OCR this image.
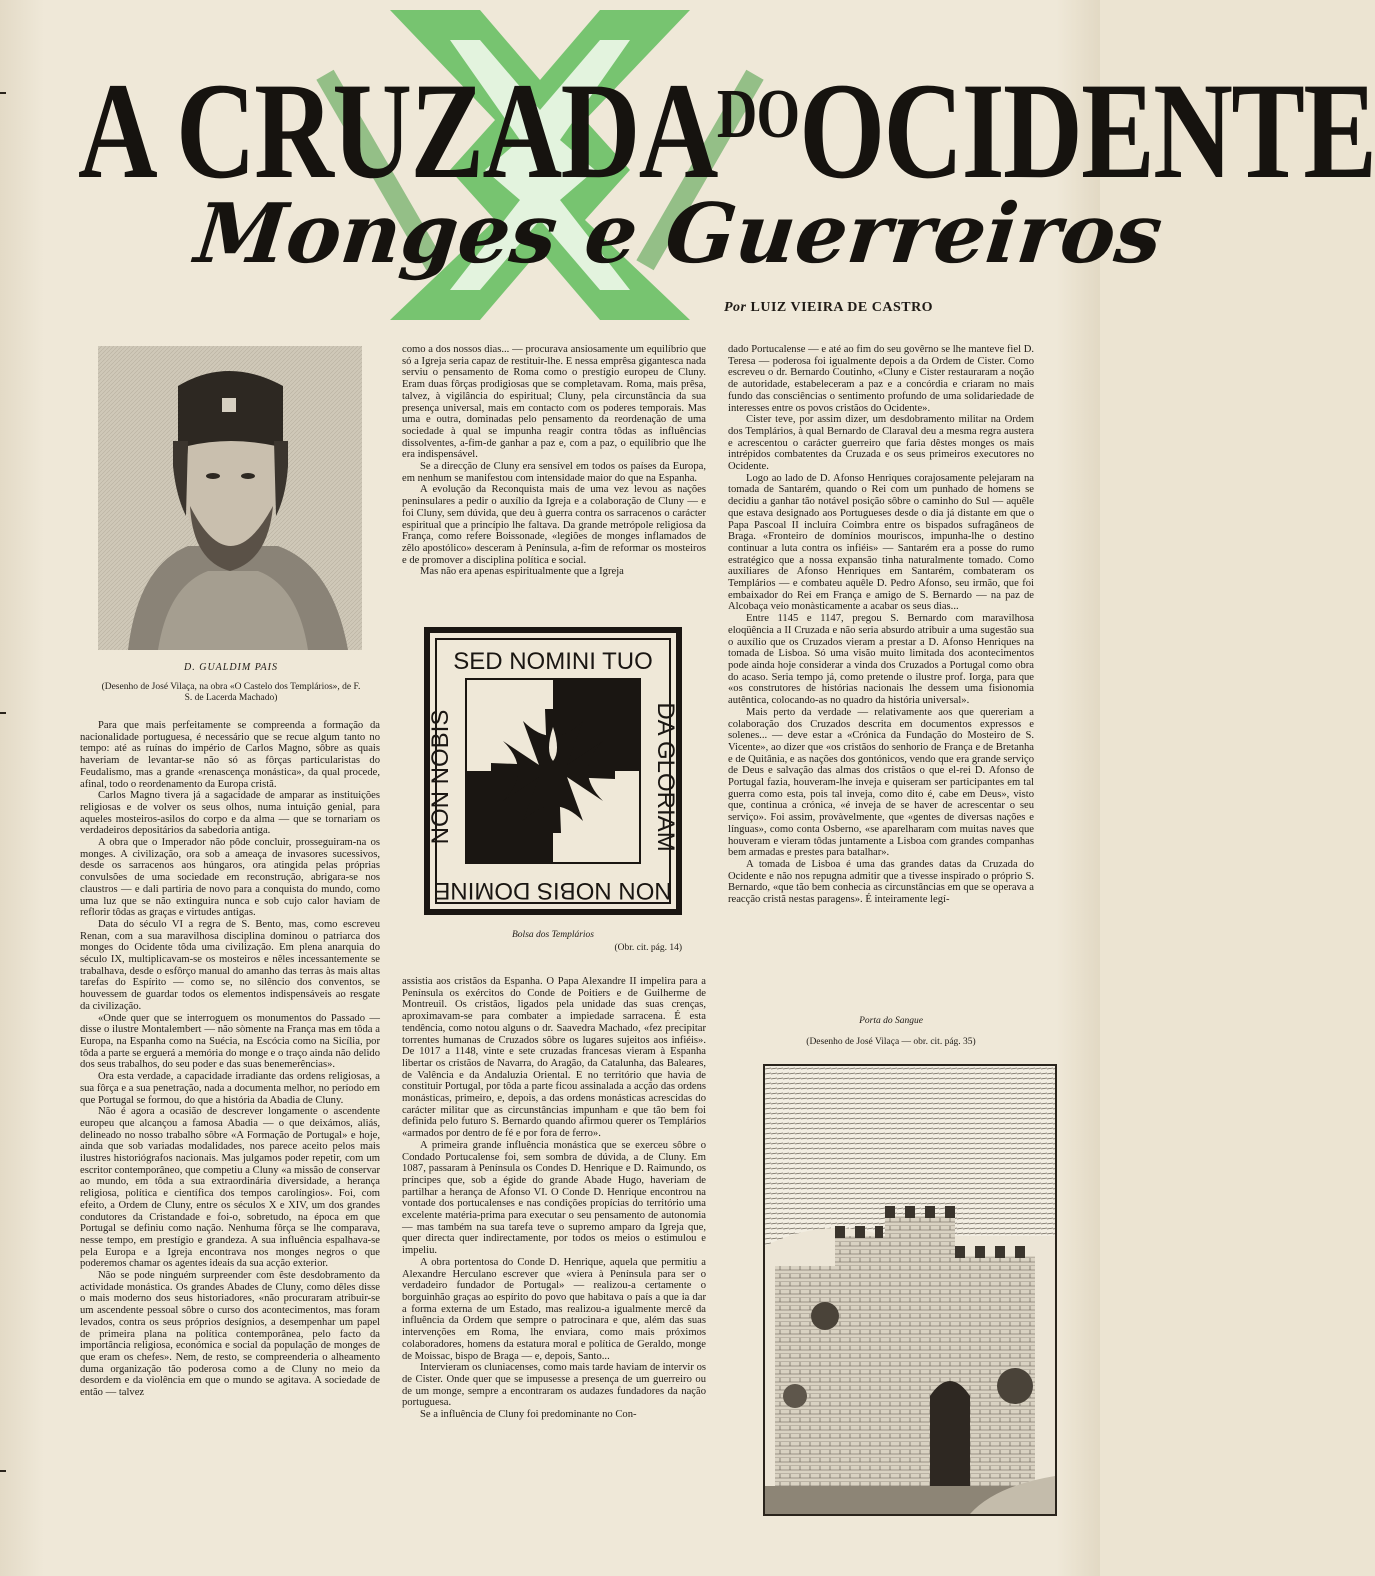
A $CRUZADA^{DO}OCIDENTE$
Monges e Guerreiros
Por LUIZ VIEIRA DE CASTRO
D. GUALDIM PAIS
(Desenho de José Vilaça, na obra «O Castelo dos Templários», de F. S. de Lacerda Machado)

Para que mais perfeitamente se compreenda a formação da nacionalidade portuguesa, é necessário que se recue algum tanto no tempo: até as ruínas do império de Carlos Magno, sôbre as quais haveriam de levantar-se não só as fôrças particularistas do Feudalismo, mas a grande «renascença monástica», da qual procede, afinal, todo o reordenamento da Europa cristã.

Carlos Magno tivera já a sagacidade de amparar as instituições religiosas e de volver os seus olhos, numa intuição genial, para aqueles mosteiros-asilos do corpo e da alma — que se tornariam os verdadeiros depositários da sabedoria antiga.

A obra que o Imperador não pôde concluir, prosseguiram-na os monges. A civilização, ora sob a ameaça de invasores sucessivos, desde os sarracenos aos húngaros, ora atingida pelas próprias convulsões de uma sociedade em reconstrução, abrigara-se nos claustros — e dali partiria de novo para a conquista do mundo, como uma luz que se não extinguira nunca e sob cujo calor haviam de reflorir tôdas as graças e virtudes antigas.

Data do século VI a regra de S. Bento, mas, como escreveu Renan, com a sua maravilhosa disciplina dominou o patriarca dos monges do Ocidente tôda uma civilização. Em plena anarquia do século IX, multiplicavam-se os mosteiros e nêles incessantemente se trabalhava, desde o esfôrço manual do amanho das terras às mais altas tarefas do Espírito — como se, no silêncio dos conventos, se houvessem de guardar todos os elementos indispensáveis ao resgate da civilização.

«Onde quer que se interroguem os monumentos do Passado — disse o ilustre Montalembert — não sòmente na França mas em tôda a Europa, na Espanha como na Suécia, na Escócia como na Sicília, por tôda a parte se erguerá a memória do monge e o traço ainda não delido dos seus trabalhos, do seu poder e das suas benemerências».

Ora esta verdade, a capacidade irradiante das ordens religiosas, a sua fôrça e a sua penetração, nada a documenta melhor, no período em que Portugal se formou, do que a história da Abadia de Cluny.

Não é agora a ocasião de descrever longamente o ascendente europeu que alcançou a famosa Abadia — o que deixámos, aliás, delineado no nosso trabalho sôbre «A Formação de Portugal» e hoje, ainda que sob variadas modalidades, nos parece aceito pelos mais ilustres historiógrafos nacionais. Mas julgamos poder repetir, com um escritor contemporâneo, que competiu a Cluny «a missão de conservar ao mundo, em tôda a sua extraordinária diversidade, a herança religiosa, política e científica dos tempos carolíngios». Foi, com efeito, a Ordem de Cluny, entre os séculos X e XIV, um dos grandes condutores da Cristandade e foi-o, sobretudo, na época em que Portugal se definiu como nação. Nenhuma fôrça se lhe comparava, nesse tempo, em prestígio e grandeza. A sua influência espalhava-se pela Europa e a Igreja encontrava nos monges negros o que poderemos chamar os agentes ideais da sua acção exterior.

Não se pode ninguém surpreender com êste desdobramento da actividade monástica. Os grandes Abades de Cluny, como dêles disse o mais moderno dos seus historiadores, «não procuraram atribuir-se um ascendente pessoal sôbre o curso dos acontecimentos, mas foram levados, contra os seus próprios desígnios, a desempenhar um papel de primeira plana na política contemporânea, pelo facto da importância religiosa, económica e social da população de monges de que eram os chefes». Nem, de resto, se compreenderia o alheamento duma organização tão poderosa como a de Cluny no meio da desordem e da violência em que o mundo se agitava. A sociedade de então — talvez

como a dos nossos dias... — procurava ansiosamente um equilíbrio que só a Igreja seria capaz de restituir-lhe. E nessa emprêsa gigantesca nada serviu o pensamento de Roma como o prestígio europeu de Cluny. Eram duas fôrças prodigiosas que se completavam. Roma, mais prêsa, talvez, à vigilância do espiritual; Cluny, pela circunstância da sua presença universal, mais em contacto com os poderes temporais. Mas uma e outra, dominadas pelo pensamento da reordenação de uma sociedade à qual se impunha reagir contra tôdas as influências dissolventes, a-fim-de ganhar a paz e, com a paz, o equilíbrio que lhe era indispensável.

Se a direcção de Cluny era sensível em todos os países da Europa, em nenhum se manifestou com intensidade maior do que na Espanha.

A evolução da Reconquista mais de uma vez levou as nações peninsulares a pedir o auxílio da Igreja e a colaboração de Cluny — e foi Cluny, sem dúvida, que deu à guerra contra os sarracenos o carácter espiritual que a princípio lhe faltava. Da grande metrópole religiosa da França, como refere Boissonade, «legiões de monges inflamados de zêlo apostólico» desceram à Península, a-fim de reformar os mosteiros e de promover a disciplina política e social.

Mas não era apenas espiritualmente que a Igreja

SED NOMINI TUO
DA GLORIAM
NON NOBIS DOMINE
NON NOBIS
Bolsa dos Templários
(Obr. cit. pág. 14)

assistia aos cristãos da Espanha. O Papa Alexandre II impelira para a Península os exércitos do Conde de Poitiers e de Guilherme de Montreuil. Os cristãos, ligados pela unidade das suas crenças, aproximavam-se para combater a impiedade sarracena. É esta tendência, como notou alguns o dr. Saavedra Machado, «fez precipitar torrentes humanas de Cruzados sôbre os lugares sujeitos aos infiéis». De 1017 a 1148, vinte e sete cruzadas francesas vieram à Espanha libertar os cristãos de Navarra, do Aragão, da Catalunha, das Baleares, de Valência e da Andaluzia Oriental. E no território que havia de constituir Portugal, por tôda a parte ficou assinalada a acção das ordens monásticas, primeiro, e, depois, a das ordens monásticas acrescidas do carácter militar que as circunstâncias impunham e que tão bem foi definida pelo futuro S. Bernardo quando afirmou querer os Templários «armados por dentro de fé e por fora de ferro».

A primeira grande influência monástica que se exerceu sôbre o Condado Portucalense foi, sem sombra de dúvida, a de Cluny. Em 1087, passaram à Península os Condes D. Henrique e D. Raimundo, os príncipes que, sob a égide do grande Abade Hugo, haveriam de partilhar a herança de Afonso VI. O Conde D. Henrique encontrou na vontade dos portucalenses e nas condições propícias do território uma excelente matéria-prima para executar o seu pensamento de autonomia — mas também na sua tarefa teve o supremo amparo da Igreja que, quer directa quer indirectamente, por todos os meios o estimulou e impeliu.

A obra portentosa do Conde D. Henrique, aquela que permitiu a Alexandre Herculano escrever que «viera à Península para ser o verdadeiro fundador de Portugal» — realizou-a certamente o borguinhão graças ao espírito do povo que habitava o país a que ia dar a forma externa de um Estado, mas realizou-a igualmente mercê da influência da Ordem que sempre o patrocinara e que, além das suas intervenções em Roma, lhe enviara, como mais próximos colaboradores, homens da estatura moral e política de Geraldo, monge de Moissac, bispo de Braga — e, depois, Santo...

Intervieram os cluniacenses, como mais tarde haviam de intervir os de Cister. Onde quer que se impusesse a presença de um guerreiro ou de um monge, sempre a encontraram os audazes fundadores da nação portuguesa.

Se a influência de Cluny foi predominante no Con-

dado Portucalense — e até ao fim do seu govêrno se lhe manteve fiel D. Teresa — poderosa foi igualmente depois a da Ordem de Cister. Como escreveu o dr. Bernardo Coutinho, «Cluny e Cister restauraram a noção de autoridade, estabeleceram a paz e a concórdia e criaram no mais fundo das consciências o sentimento profundo de uma solidariedade de interesses entre os povos cristãos do Ocidente».

Cister teve, por assim dizer, um desdobramento militar na Ordem dos Templários, à qual Bernardo de Claraval deu a mesma regra austera e acrescentou o carácter guerreiro que faria dêstes monges os mais intrépidos combatentes da Cruzada e os seus primeiros executores no Ocidente.

Logo ao lado de D. Afonso Henriques corajosamente pelejaram na tomada de Santarém, quando o Rei com um punhado de homens se decidiu a ganhar tão notável posição sôbre o caminho do Sul — aquêle que estava designado aos Portugueses desde o dia já distante em que o Papa Pascoal II incluíra Coimbra entre os bispados sufragâneos de Braga. «Fronteiro de domínios mouriscos, impunha-lhe o destino continuar a luta contra os infiéis» — Santarém era a posse do rumo estratégico que a nossa expansão tinha naturalmente tomado. Como auxiliares de Afonso Henriques em Santarém, combateram os Templários — e combateu aquêle D. Pedro Afonso, seu irmão, que foi embaixador do Rei em França e amigo de S. Bernardo — na paz de Alcobaça veio monàsticamente a acabar os seus dias...

Entre 1145 e 1147, pregou S. Bernardo com maravilhosa eloqüência a II Cruzada e não seria absurdo atribuir a uma sugestão sua o auxílio que os Cruzados vieram a prestar a D. Afonso Henriques na tomada de Lisboa. Só uma visão muito limitada dos acontecimentos pode ainda hoje considerar a vinda dos Cruzados a Portugal como obra do acaso. Seria tempo já, como pretende o ilustre prof. Iorga, para que «os construtores de histórias nacionais lhe dessem uma fisionomia autêntica, colocando-as no quadro da história universal».

Mais perto da verdade — relativamente aos que quereriam a colaboração dos Cruzados descrita em documentos expressos e solenes... — deve estar a «Crónica da Fundação do Mosteiro de S. Vicente», ao dizer que «os cristãos do senhorio de França e de Bretanha e de Quitânia, e as nações dos gontónicos, vendo que era grande serviço de Deus e salvação das almas dos cristãos o que el-rei D. Afonso de Portugal fazia, houveram-lhe inveja e quiseram ser participantes em tal guerra como esta, pois tal inveja, como dito é, cabe em Deus», visto que, continua a crónica, «é inveja de se haver de acrescentar o seu serviço». Foi assim, provàvelmente, que «gentes de diversas nações e línguas», como conta Osberno, «se aparelharam com muitas naves que houveram e vieram tôdas juntamente a Lisboa com grandes companhas bem armadas e prestes para batalhar».

A tomada de Lisboa é uma das grandes datas da Cruzada do Ocidente e não nos repugna admitir que a tivesse inspirado o próprio S. Bernardo, «que tão bem conhecia as circunstâncias em que se operava a reacção cristã nestas paragens». É inteiramente legí-

Porta do Sangue
(Desenho de José Vilaça — obr. cit. pág. 35)
